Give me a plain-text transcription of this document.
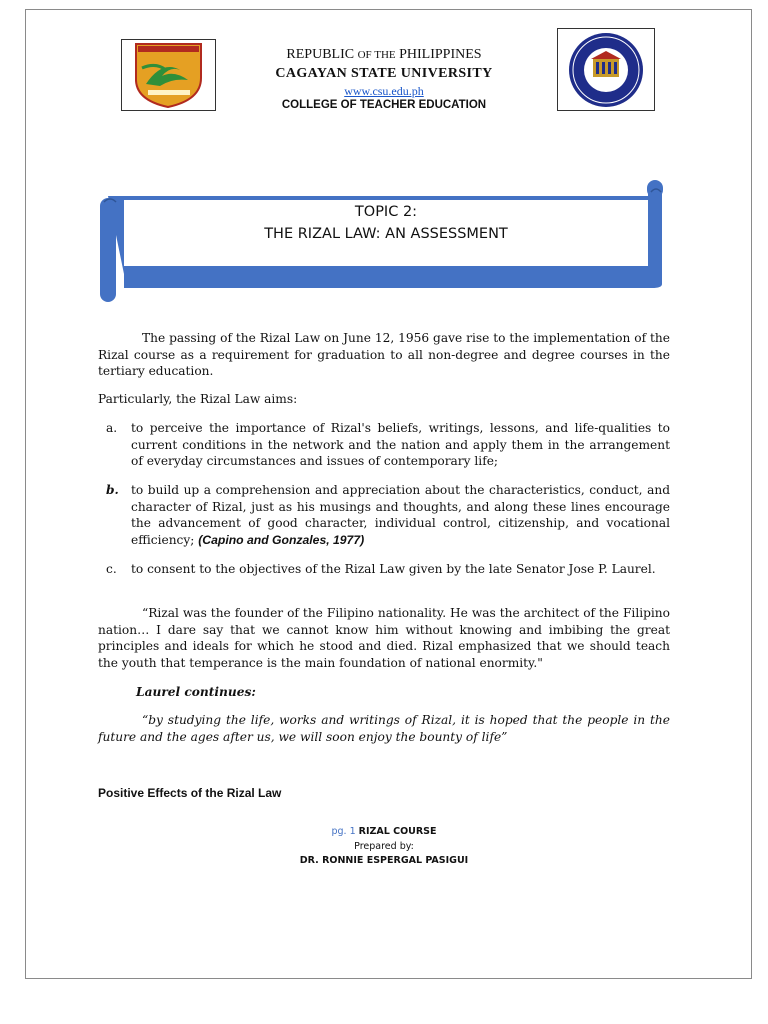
REPUBLIC OF THE PHILIPPINES
CAGAYAN STATE UNIVERSITY
www.csu.edu.ph
COLLEGE OF TEACHER EDUCATION
TOPIC 2:
THE RIZAL LAW: AN ASSESSMENT
The passing of the Rizal Law on June 12, 1956 gave rise to the implementation of the Rizal course as a requirement for graduation to all non-degree and degree courses in the tertiary education.
Particularly, the Rizal Law aims:
a.	to perceive the importance of Rizal's beliefs, writings, lessons, and life-qualities to current conditions in the network and the nation and apply them in the arrangement of everyday circumstances and issues of contemporary life;
b.	to build up a comprehension and appreciation about the characteristics, conduct, and character of Rizal, just as his musings and thoughts, and along these lines encourage the advancement of good character, individual control, citizenship, and vocational efficiency; (Capino and Gonzales, 1977)
c.	to consent to the objectives of the Rizal Law given by the late Senator Jose P. Laurel.
“Rizal was the founder of the Filipino nationality. He was the architect of the Filipino nation… I dare say that we cannot know him without knowing and imbibing the great principles and ideals for which he stood and died. Rizal emphasized that we should teach the youth that temperance is the main foundation of national enormity."
Laurel continues:
“by studying the life, works and writings of Rizal, it is hoped that the people in the future and the ages after us, we will soon enjoy the bounty of life”
Positive Effects of the Rizal Law
pg. 1 RIZAL COURSE
Prepared by:
DR. RONNIE ESPERGAL PASIGUI
